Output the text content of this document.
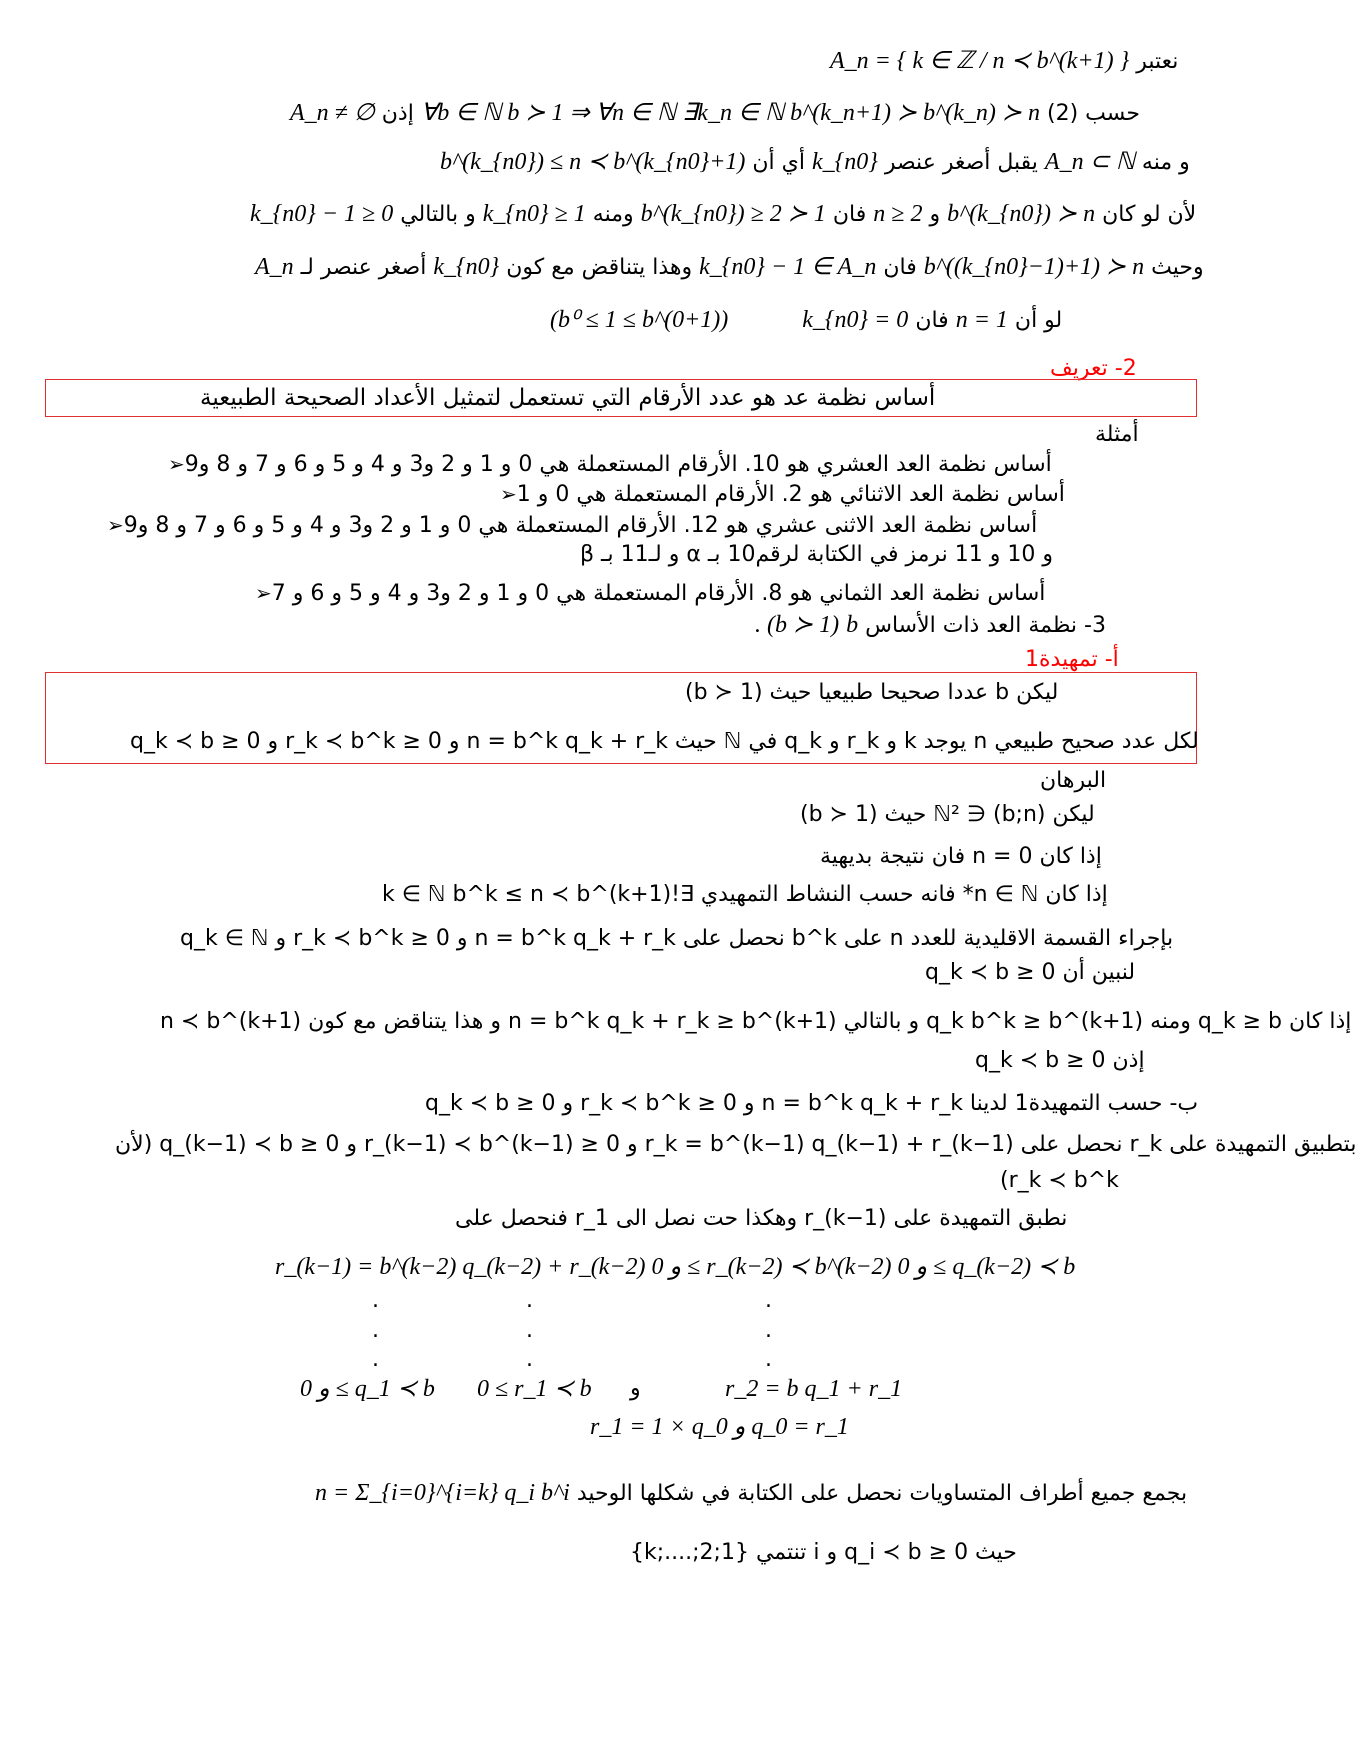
A_n = { k ∈ ℤ / n ≺ b^(k+1) } نعتبر
A_n ≠ ∅ إذن ∀b ∈ ℕ b ≻ 1 ⇒ ∀n ∈ ℕ ∃k_n ∈ ℕ b^(k_n+1) ≻ b^(k_n) ≻ n حسب (2)
b^(k_{n0}) ≤ n ≺ b^(k_{n0}+1) أي أن k_{n0} يقبل أصغر عنصر A_n ⊂ ℕ و منه
k_{n0} − 1 ≥ 0 و بالتالي k_{n0} ≥ 1 ومنه b^(k_{n0}) ≥ 2 ≻ 1 فان n ≥ 2 و b^(k_{n0}) ≻ n لأن لو كان
A_n أصغر عنصر لـ k_{n0} وهذا يتناقض مع كون k_{n0} − 1 ∈ A_n فان b^((k_{n0}−1)+1) ≻ n وحيث
(b⁰ ≤ 1 ≤ b^(0+1))	k_{n0} = 0 فان n = 1 لو أن
2- تعريف
أساس نظمة عد هو عدد الأرقام التي تستعمل لتمثيل الأعداد الصحيحة الطبيعية
أمثلة
أساس نظمة العد العشري هو 10. الأرقام المستعملة هي 0 و 1 و 2 و3 و 4 و 5 و 6 و 7 و 8 و9➢
أساس نظمة العد الاثنائي هو 2. الأرقام المستعملة هي 0 و 1➢
أساس نظمة العد الاثنى عشري هو 12. الأرقام المستعملة هي 0 و 1 و 2 و3 و 4 و 5 و 6 و 7 و 8 و9➢
و 10 و 11 نرمز في الكتابة لرقم10 بـ α و لـ11 بـ β
أساس نظمة العد الثماني هو 8. الأرقام المستعملة هي 0 و 1 و 2 و3 و 4 و 5 و 6 و 7➢
. (b ≻ 1) b 3- نظمة العد ذات الأساس
أ- تمهيدة1
ليكن b عددا صحيحا طبيعيا حيث (b ≻ 1)
لكل عدد صحيح طبيعي n يوجد k و r_k و q_k في ℕ حيث n = b^k q_k + r_k و 0 ≤ r_k ≺ b^k و 0 ≤ q_k ≺ b
البرهان
ليكن (b;n) ∈ ℕ² حيث (b ≻ 1)
إذا كان n = 0 فان نتيجة بديهية
إذا كان n ∈ ℕ* فانه حسب النشاط التمهيدي ∃!k ∈ ℕ b^k ≤ n ≺ b^(k+1)
بإجراء القسمة الاقليدية للعدد n على b^k نحصل على n = b^k q_k + r_k و 0 ≤ r_k ≺ b^k و q_k ∈ ℕ
لنبين أن 0 ≤ q_k ≺ b
إذا كان q_k ≥ b ومنه q_k b^k ≥ b^(k+1) و بالتالي n = b^k q_k + r_k ≥ b^(k+1) و هذا يتناقض مع كون n ≺ b^(k+1)
إذن 0 ≤ q_k ≺ b
ب- حسب التمهيدة1 لدينا n = b^k q_k + r_k و 0 ≤ r_k ≺ b^k و 0 ≤ q_k ≺ b
بتطبيق التمهيدة على r_k نحصل على r_k = b^(k−1) q_(k−1) + r_(k−1) و 0 ≤ r_(k−1) ≺ b^(k−1) و 0 ≤ q_(k−1) ≺ b (لأن
(r_k ≺ b^k
نطبق التمهيدة على r_(k−1) وهكذا حت نصل الى r_1 فنحصل على
r_(k−1) = b^(k−2) q_(k−2) + r_(k−2) و 0 ≤ r_(k−2) ≺ b^(k−2) و 0 ≤ q_(k−2) ≺ b
.	.	.
.	.	.
.	.	.
و 0 ≤ q_1 ≺ b 0 ≤ r_1 ≺ b و	r_2 = b q_1 + r_1
r_1 = 1 × q_0 و q_0 = r_1
n = Σ_{i=0}^{i=k} q_i b^i بجمع جميع أطراف المتساويات نحصل على الكتابة في شكلها الوحيد
حيث 0 ≤ q_i ≺ b و i تنتمي {1;2;....;k}
